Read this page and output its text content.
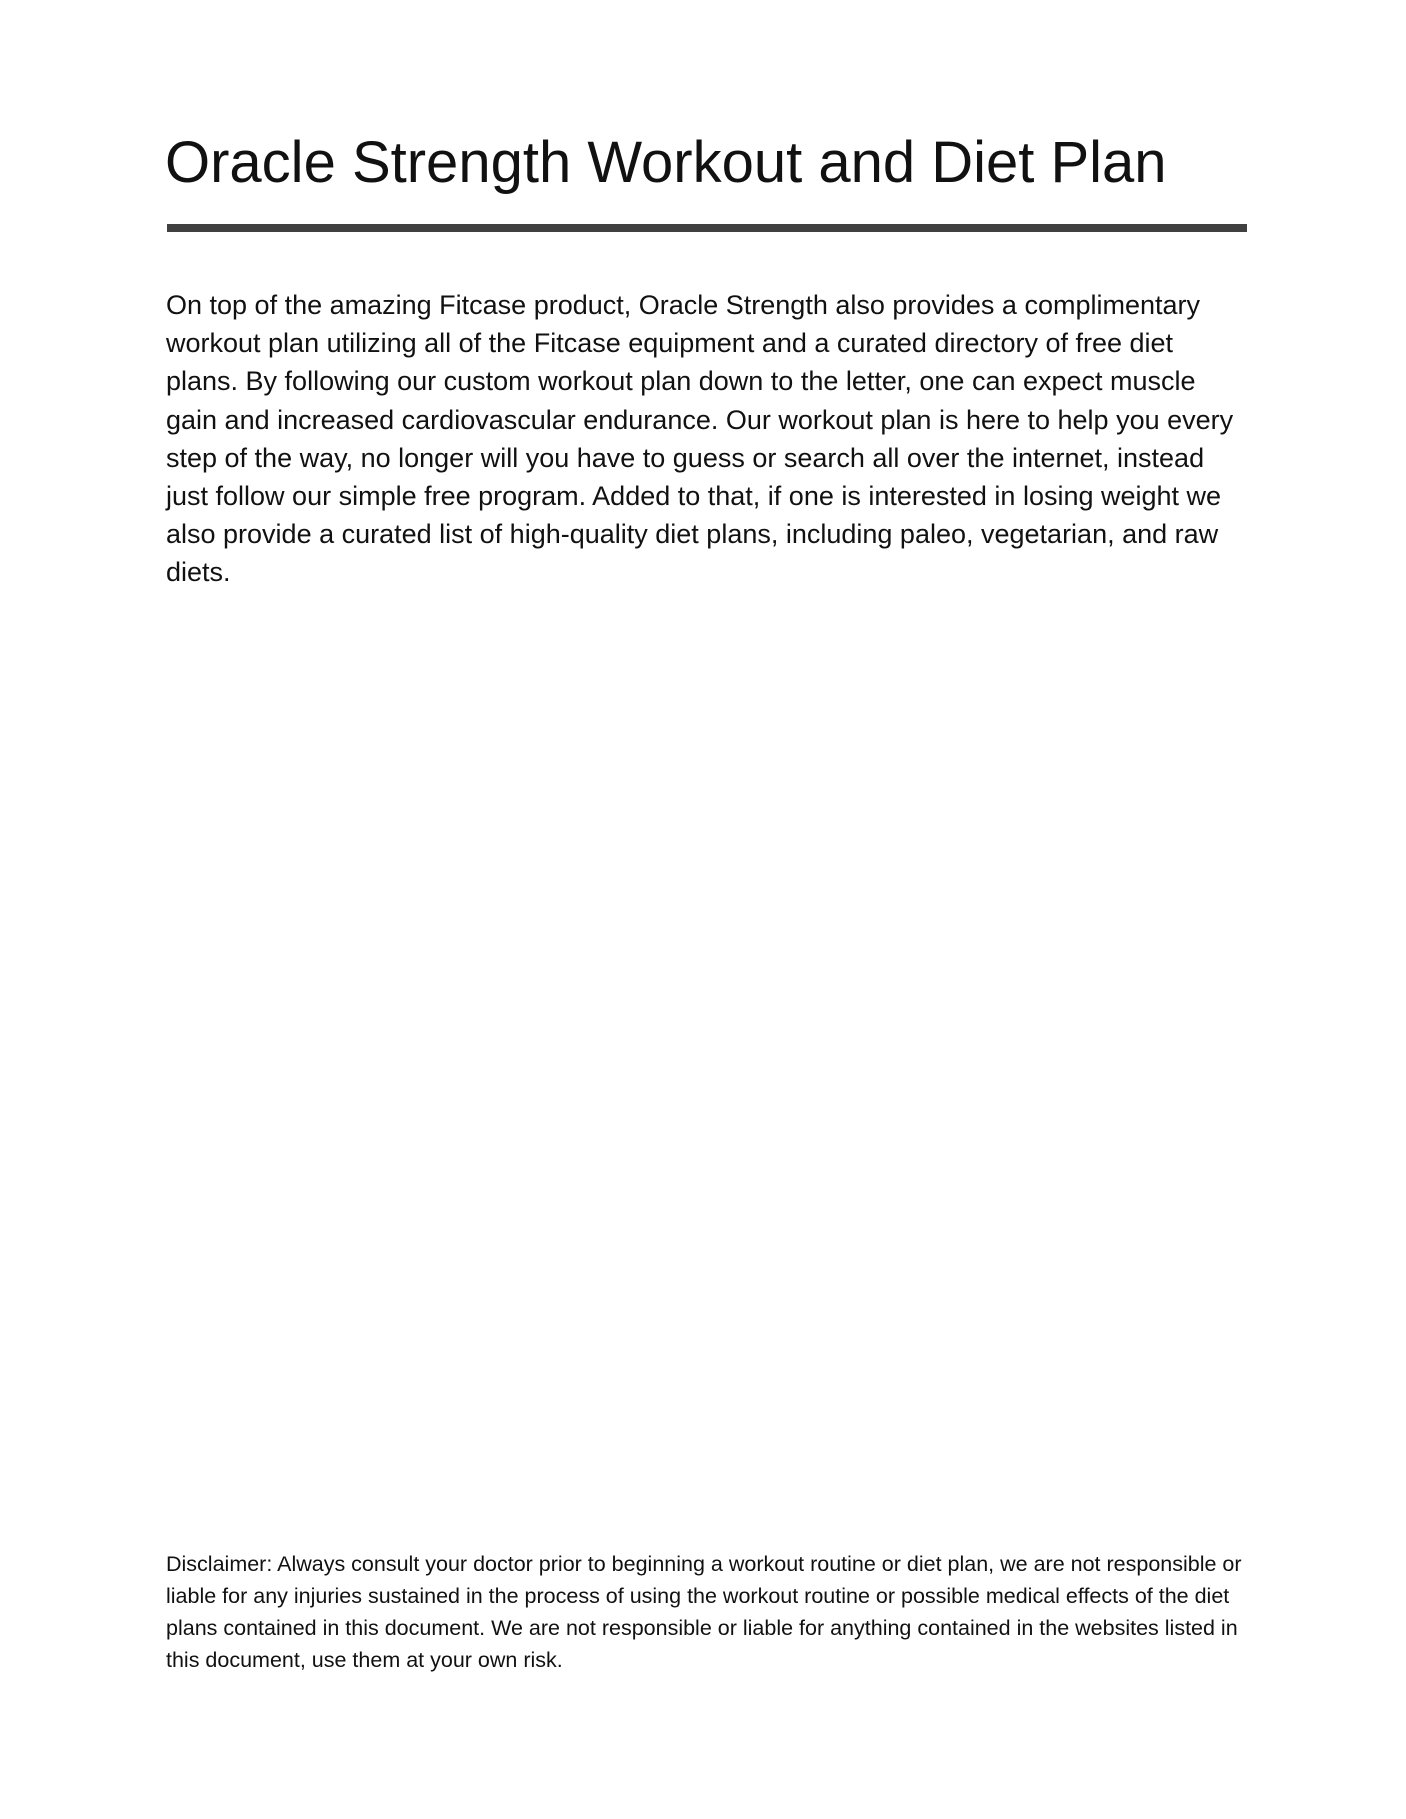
Oracle Strength Workout and Diet Plan

On top of the amazing Fitcase product, Oracle Strength also provides a complimentary workout plan utilizing all of the Fitcase equipment and a curated directory of free diet plans. By following our custom workout plan down to the letter, one can expect muscle gain and increased cardiovascular endurance. Our workout plan is here to help you every step of the way, no longer will you have to guess or search all over the internet, instead just follow our simple free program. Added to that, if one is interested in losing weight we also provide a curated list of high-quality diet plans, including paleo, vegetarian, and raw diets.

Disclaimer: Always consult your doctor prior to beginning a workout routine or diet plan, we are not responsible or liable for any injuries sustained in the process of using the workout routine or possible medical effects of the diet plans contained in this document. We are not responsible or liable for anything contained in the websites listed in this document, use them at your own risk.
